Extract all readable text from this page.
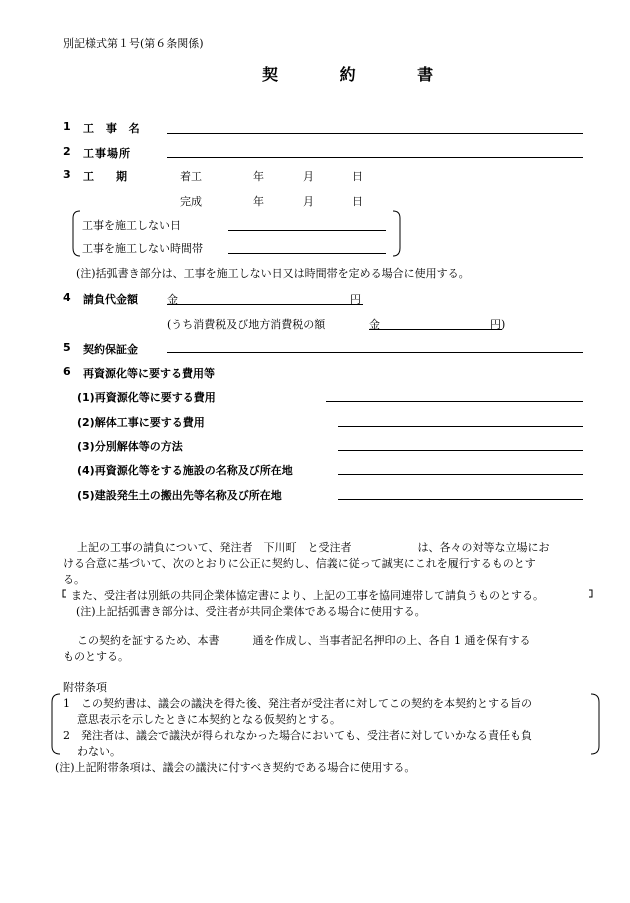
別記様式第１号(第６条関係)
契 約 書
1 工 事 名
2 工事場所
3 工　　期	着工	年	月	日
完成	年	月	日
工事を施工しない日
工事を施工しない時間帯
(注)括弧書き部分は、工事を施工しない日又は時間帯を定める場合に使用する。
4 請負代金額	金	円
(うち消費税及び地方消費税の額	金	円)
5 契約保証金
6 再資源化等に要する費用等
(1)再資源化等に要する費用
(2)解体工事に要する費用
(3)分別解体等の方法
(4)再資源化等をする施設の名称及び所在地
(5)建設発生土の搬出先等名称及び所在地
上記の工事の請負について、発注者　下川町　と受注者　　　　　　は、各々の対等な立場にお
ける合意に基づいて、次のとおりに公正に契約し、信義に従って誠実にこれを履行するものとす
る。
また、受注者は別紙の共同企業体協定書により、上記の工事を協同連帯して請負うものとする。
(注)上記括弧書き部分は、受注者が共同企業体である場合に使用する。
この契約を証するため、本書　　　通を作成し、当事者記名押印の上、各自 1 通を保有する
ものとする。
附帯条項
1　この契約書は、議会の議決を得た後、発注者が受注者に対してこの契約を本契約とする旨の
意思表示を示したときに本契約となる仮契約とする。
2　発注者は、議会で議決が得られなかった場合においても、受注者に対していかなる責任も負
わない。
(注)上記附帯条項は、議会の議決に付すべき契約である場合に使用する。
